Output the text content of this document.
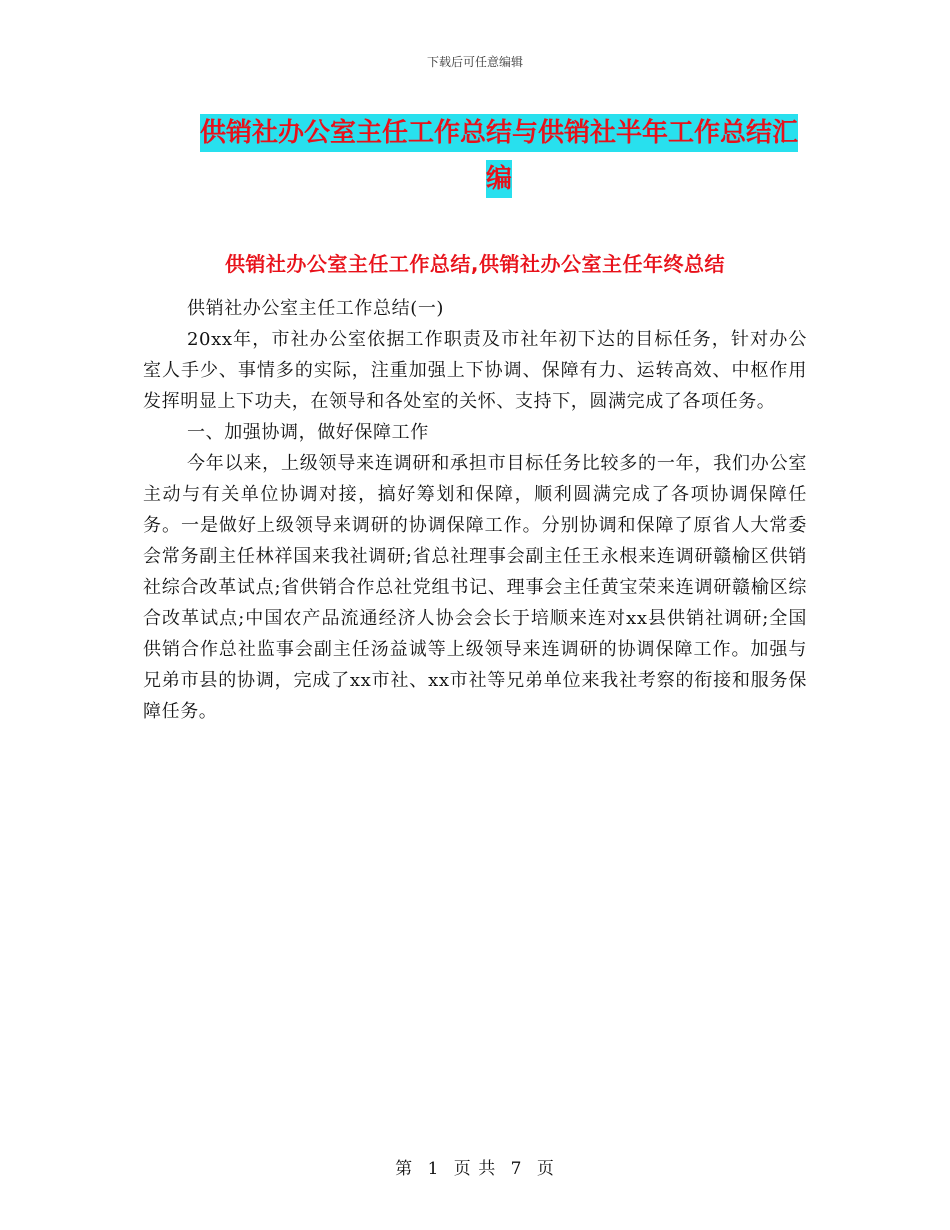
下载后可任意编辑
供销社办公室主任工作总结与供销社半年工作总结汇编
供销社办公室主任工作总结,供销社办公室主任年终总结

供销社办公室主任工作总结(一)

20xx年，市社办公室依据工作职责及市社年初下达的目标任务，针对办公室人手少、事情多的实际，注重加强上下协调、保障有力、运转高效、中枢作用发挥明显上下功夫，在领导和各处室的关怀、支持下，圆满完成了各项任务。

一、加强协调，做好保障工作

今年以来，上级领导来连调研和承担市目标任务比较多的一年，我们办公室主动与有关单位协调对接，搞好筹划和保障，顺利圆满完成了各项协调保障任务。一是做好上级领导来调研的协调保障工作。分别协调和保障了原省人大常委会常务副主任林祥国来我社调研;省总社理事会副主任王永根来连调研赣榆区供销社综合改革试点;省供销合作总社党组书记、理事会主任黄宝荣来连调研赣榆区综合改革试点;中国农产品流通经济人协会会长于培顺来连对xx县供销社调研;全国供销合作总社监事会副主任汤益诚等上级领导来连调研的协调保障工作。加强与兄弟市县的协调，完成了xx市社、xx市社等兄弟单位来我社考察的衔接和服务保障任务。

第 1 页 共 7 页
